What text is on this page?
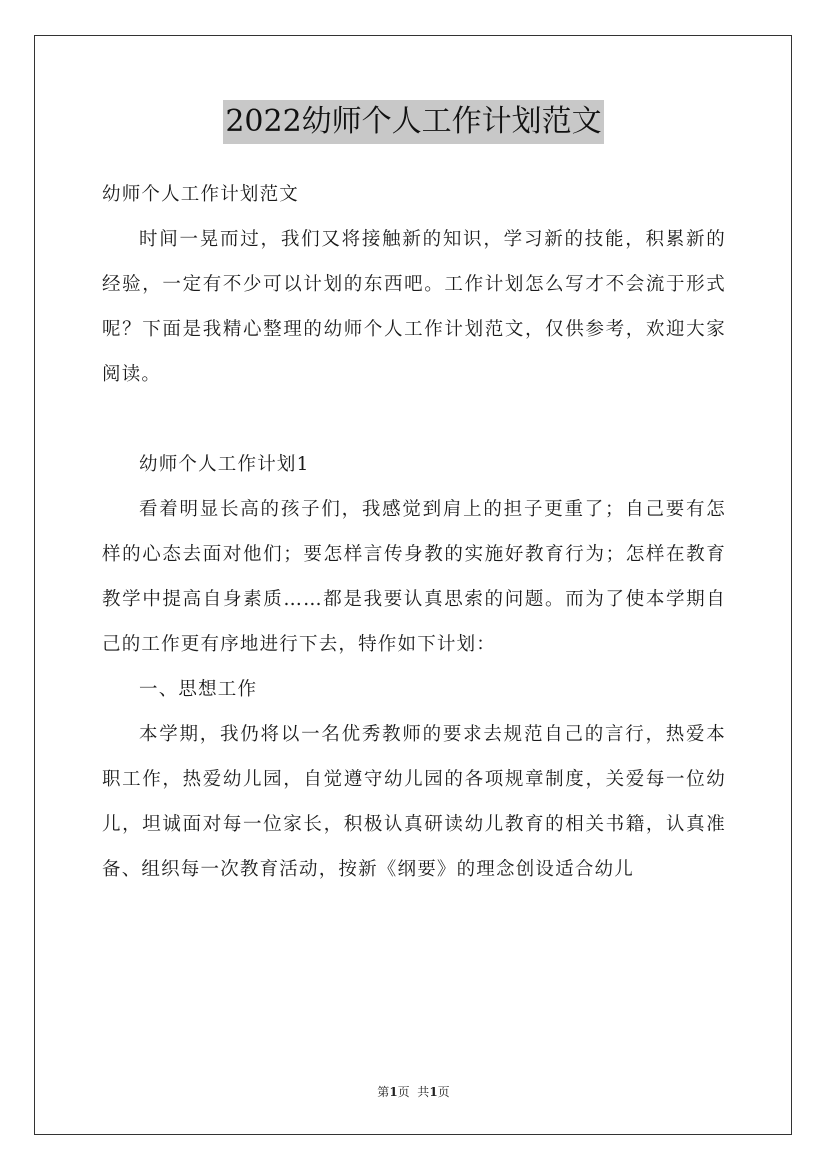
2022幼师个人工作计划范文

幼师个人工作计划范文

时间一晃而过，我们又将接触新的知识，学习新的技能，积累新的经验，一定有不少可以计划的东西吧。工作计划怎么写才不会流于形式呢？下面是我精心整理的幼师个人工作计划范文，仅供参考，欢迎大家阅读。

幼师个人工作计划1

看着明显长高的孩子们，我感觉到肩上的担子更重了；自己要有怎样的心态去面对他们；要怎样言传身教的实施好教育行为；怎样在教育教学中提高自身素质……都是我要认真思索的问题。而为了使本学期自己的工作更有序地进行下去，特作如下计划：

一、思想工作

本学期，我仍将以一名优秀教师的要求去规范自己的言行，热爱本职工作，热爱幼儿园，自觉遵守幼儿园的各项规章制度，关爱每一位幼儿，坦诚面对每一位家长，积极认真研读幼儿教育的相关书籍，认真准备、组织每一次教育活动，按新《纲要》的理念创设适合幼儿

第1页  共1页
